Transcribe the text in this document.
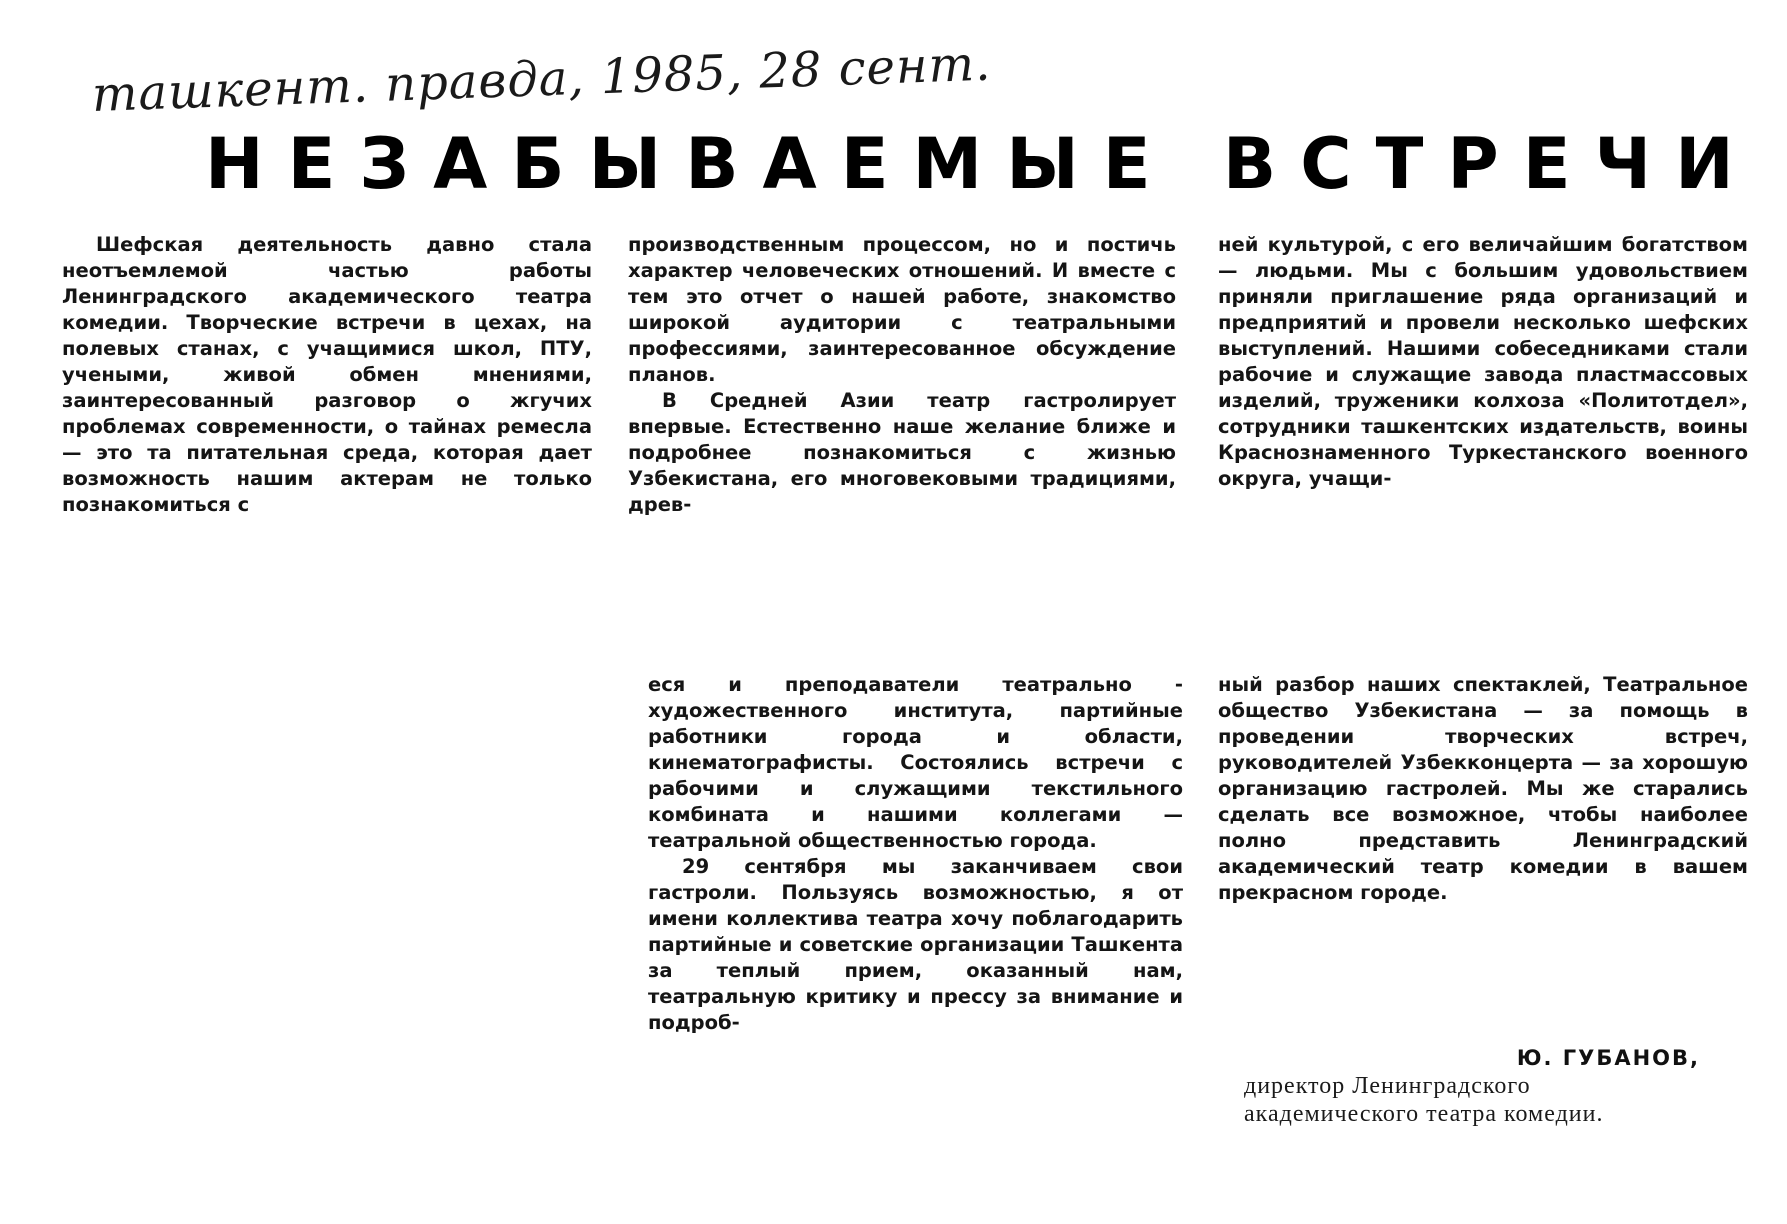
ташкент. правда, 1985, 28 сент.
НЕЗАБЫВАЕМЫЕ ВСТРЕЧИ

Шефская деятельность давно стала неотъемлемой частью работы Ленинградского академического театра комедии. Творческие встречи в цехах, на полевых станах, с учащимися школ, ПТУ, учеными, живой обмен мнениями, заинтересованный разговор о жгучих проблемах современности, о тайнах ремесла — это та питательная среда, которая дает возможность нашим актерам не только познакомиться с

производственным процессом, но и постичь характер человеческих отношений. И вместе с тем это отчет о нашей работе, знакомство широкой аудитории с театральными профессиями, заинтересованное обсуждение планов.

В Средней Азии театр гастролирует впервые. Естественно наше желание ближе и подробнее познакомиться с жизнью Узбекистана, его многовековыми традициями, древ-

ней культурой, с его величайшим богатством — людьми. Мы с большим удовольствием приняли приглашение ряда организаций и предприятий и провели несколько шефских выступлений. Нашими собеседниками стали рабочие и служащие завода пластмассовых изделий, труженики колхоза «Политотдел», сотрудники ташкентских издательств, воины Краснознаменного Туркестанского военного округа, учащи-

еся и преподаватели театрально - художественного института, партийные работники города и области, кинематографисты. Состоялись встречи с рабочими и служащими текстильного комбината и нашими коллегами — театральной общественностью города.

29 сентября мы заканчиваем свои гастроли. Пользуясь возможностью, я от имени коллектива театра хочу поблагодарить партийные и советские организации Ташкента за теплый прием, оказанный нам, театральную критику и прессу за внимание и подроб-

ный разбор наших спектаклей, Театральное общество Узбекистана — за помощь в проведении творческих встреч, руководителей Узбекконцерта — за хорошую организацию гастролей. Мы же старались сделать все возможное, чтобы наиболее полно представить Ленинградский академический театр комедии в вашем прекрасном городе.

Ю. ГУБАНОВ,
директор Ленинградского академического театра комедии.
